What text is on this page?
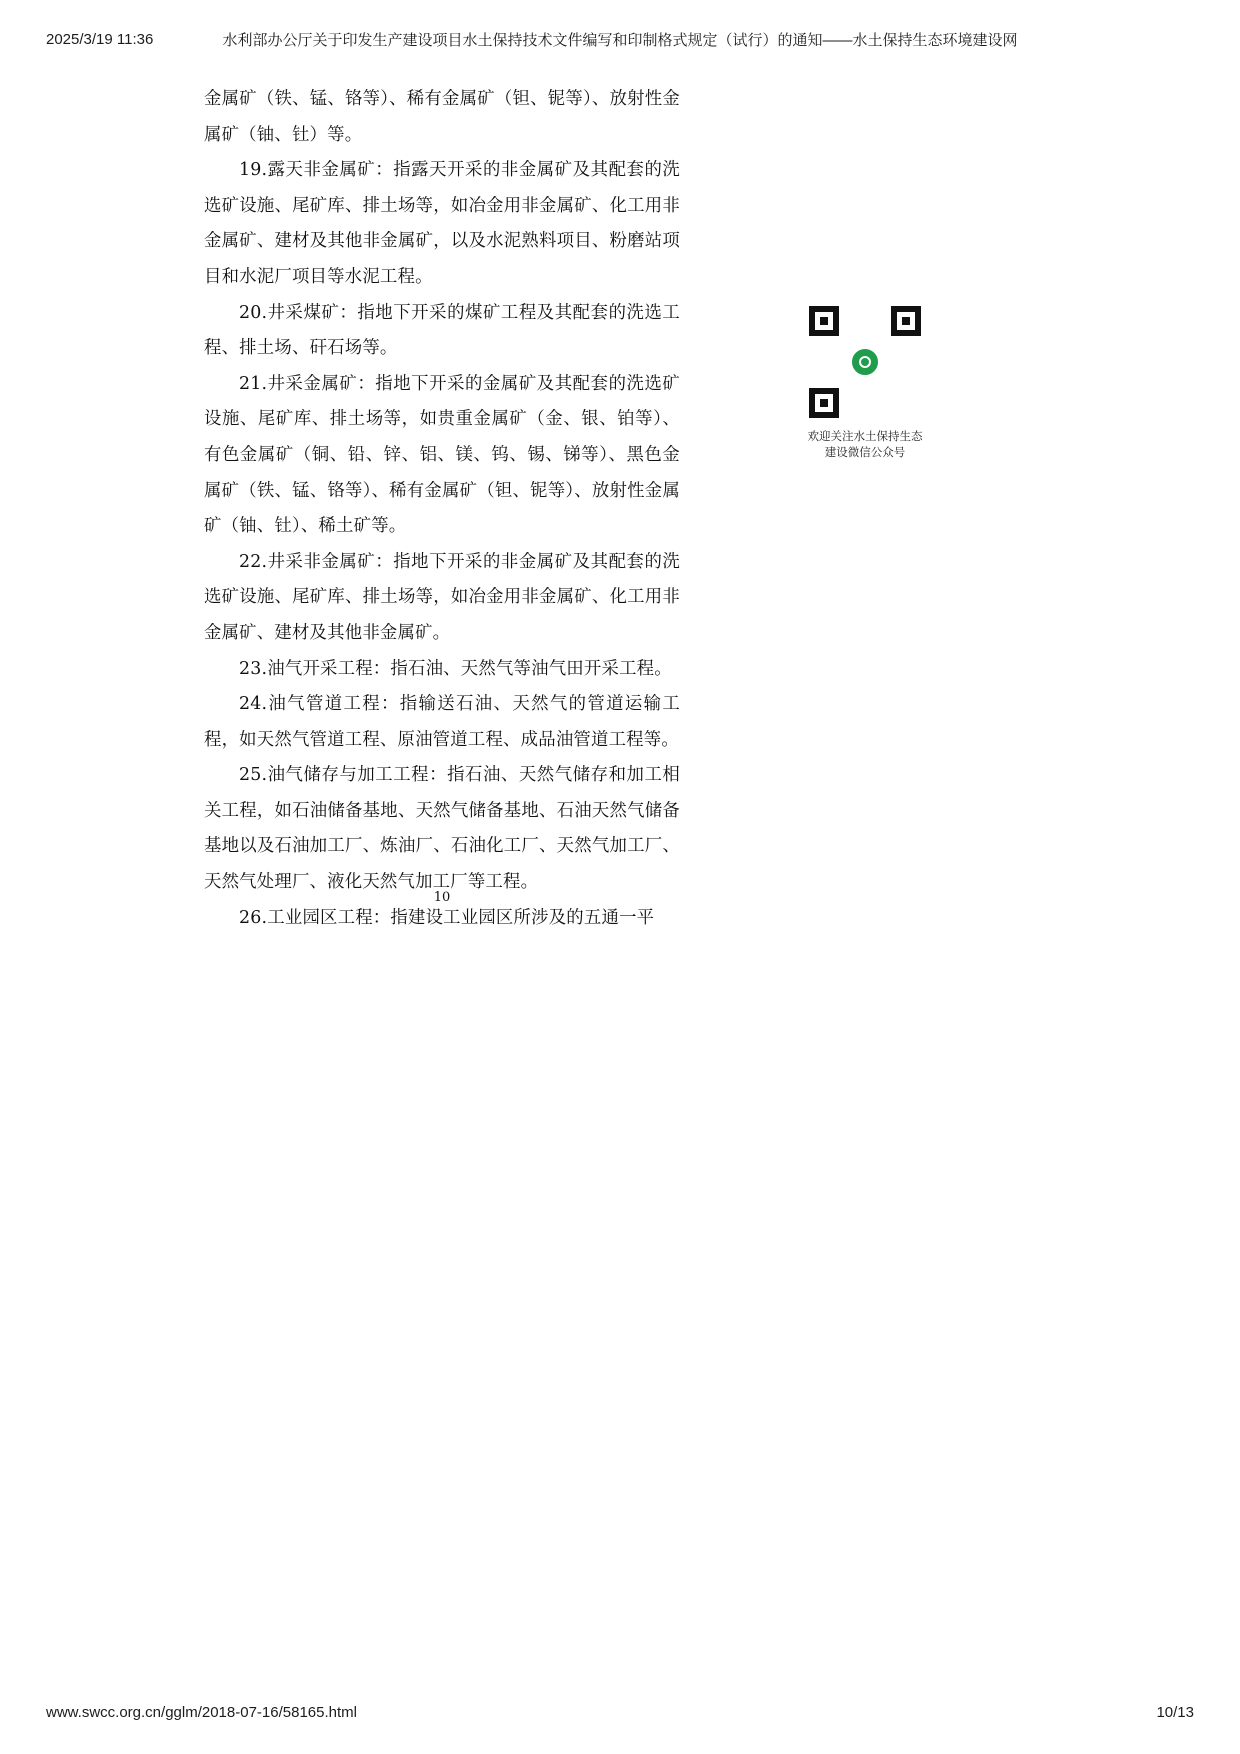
2025/3/19 11:36	水利部办公厅关于印发生产建设项目水土保持技术文件编写和印制格式规定（试行）的通知——水土保持生态环境建设网

金属矿（铁、锰、铬等）、稀有金属矿（钽、铌等）、放射性金属矿（铀、钍）等。

19.露天非金属矿：指露天开采的非金属矿及其配套的洗选矿设施、尾矿库、排土场等，如冶金用非金属矿、化工用非金属矿、建材及其他非金属矿，以及水泥熟料项目、粉磨站项目和水泥厂项目等水泥工程。

20.井采煤矿：指地下开采的煤矿工程及其配套的洗选工程、排土场、矸石场等。

21.井采金属矿：指地下开采的金属矿及其配套的洗选矿设施、尾矿库、排土场等，如贵重金属矿（金、银、铂等）、有色金属矿（铜、铅、锌、铝、镁、钨、锡、锑等）、黑色金属矿（铁、锰、铬等）、稀有金属矿（钽、铌等）、放射性金属矿（铀、钍）、稀土矿等。

22.井采非金属矿：指地下开采的非金属矿及其配套的洗选矿设施、尾矿库、排土场等，如冶金用非金属矿、化工用非金属矿、建材及其他非金属矿。

23.油气开采工程：指石油、天然气等油气田开采工程。

24.油气管道工程：指输送石油、天然气的管道运输工程，如天然气管道工程、原油管道工程、成品油管道工程等。

25.油气储存与加工工程：指石油、天然气储存和加工相关工程，如石油储备基地、天然气储备基地、石油天然气储备基地以及石油加工厂、炼油厂、石油化工厂、天然气加工厂、天然气处理厂、液化天然气加工厂等工程。

26.工业园区工程：指建设工业园区所涉及的五通一平

10
欢迎关注水土保持生态
建设微信公众号
www.swcc.org.cn/gglm/2018-07-16/58165.html	10/13
